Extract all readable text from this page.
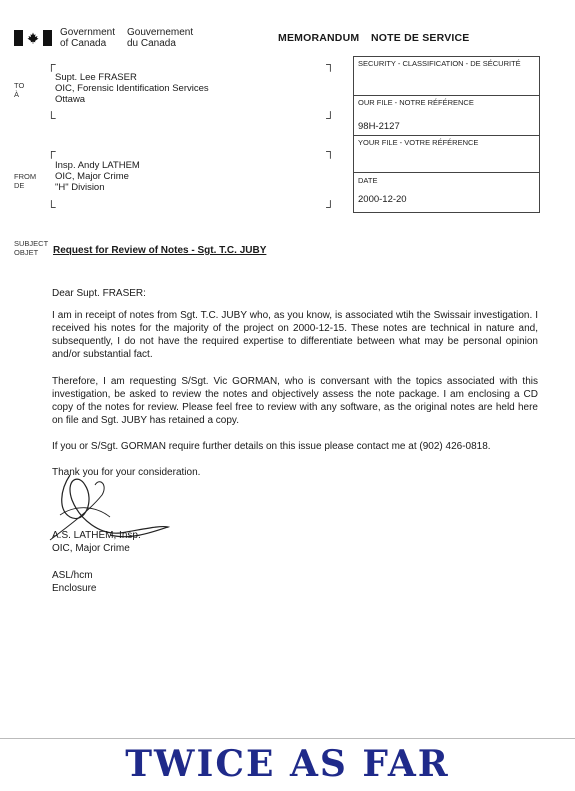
Government
of Canada
Gouvernement
du Canada	MEMORANDUM NOTE DE SERVICE
┌	┐
TO
À
Supt. Lee FRASER
OIC, Forensic Identification Services
Ottawa
└	┘
┌	┐
FROM
DE
Insp. Andy LATHEM
OIC, Major Crime
"H" Division
└	┘
SECURITY - CLASSIFICATION - DE SÉCURITÉ
OUR FILE - NOTRE RÉFÉRENCE
98H-2127
YOUR FILE - VOTRE RÉFÉRENCE
DATE
2000-12-20
SUBJECT
OBJET	Request for Review of Notes - Sgt. T.C. JUBY
Dear Supt. FRASER:

I am in receipt of notes from Sgt. T.C. JUBY who, as you know, is associated wtih the Swissair investigation. I received his notes for the majority of the project on 2000-12-15. These notes are technical in nature and, subsequently, I do not have the required expertise to differentiate between what may be personal opinion and/or substantial fact.

Therefore, I am requesting S/Sgt. Vic GORMAN, who is conversant with the topics associated with this investigation, be asked to review the notes and objectively assess the note package. I am enclosing a CD copy of the notes for review. Please feel free to review with any software, as the original notes are held here on file and Sgt. JUBY has retained a copy.

If you or S/Sgt. GORMAN require further details on this issue please contact me at (902) 426-0818.

Thank you for your consideration.

A.S. LATHEM, Insp.
OIC, Major Crime
ASL/hcm
Enclosure
TWICE AS FAR
